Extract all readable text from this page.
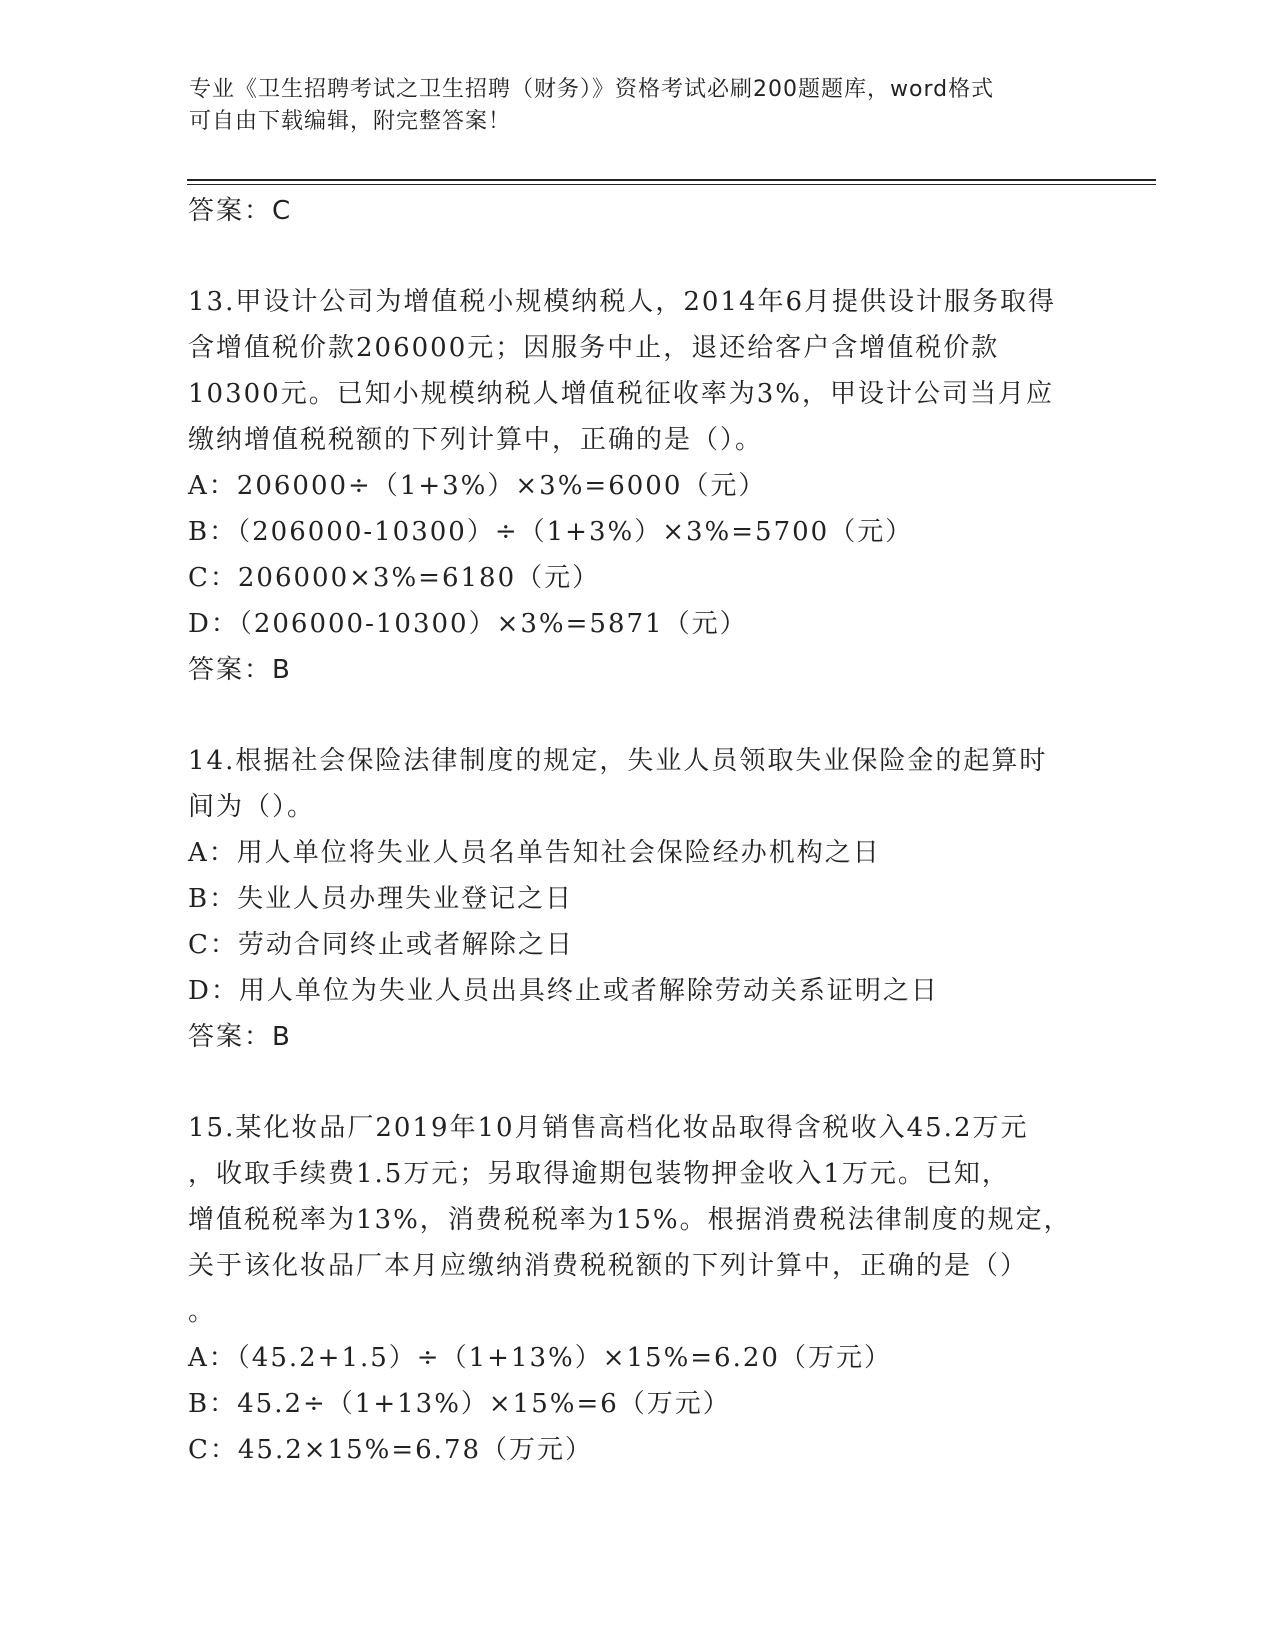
专业《卫生招聘考试之卫生招聘（财务）》资格考试必刷200题题库，word格式
可自由下载编辑，附完整答案！
答案：C
13.甲设计公司为增值税小规模纳税人，2014年6月提供设计服务取得
含增值税价款206000元；因服务中止，退还给客户含增值税价款
10300元。已知小规模纳税人增值税征收率为3%，甲设计公司当月应
缴纳增值税税额的下列计算中，正确的是（）。
A：206000÷（1+3%）×3%=6000（元）
B：（206000-10300）÷（1+3%）×3%=5700（元）
C：206000×3%=6180（元）
D：（206000-10300）×3%=5871（元）
答案：B
14.根据社会保险法律制度的规定，失业人员领取失业保险金的起算时
间为（）。
A：用人单位将失业人员名单告知社会保险经办机构之日
B：失业人员办理失业登记之日
C：劳动合同终止或者解除之日
D：用人单位为失业人员出具终止或者解除劳动关系证明之日
答案：B
15.某化妆品厂2019年10月销售高档化妆品取得含税收入45.2万元
，收取手续费1.5万元；另取得逾期包装物押金收入1万元。已知，
增值税税率为13%，消费税税率为15%。根据消费税法律制度的规定，
关于该化妆品厂本月应缴纳消费税税额的下列计算中，正确的是（）
。
A：（45.2+1.5）÷（1+13%）×15%=6.20（万元）
B：45.2÷（1+13%）×15%=6（万元）
C：45.2×15%=6.78（万元）
